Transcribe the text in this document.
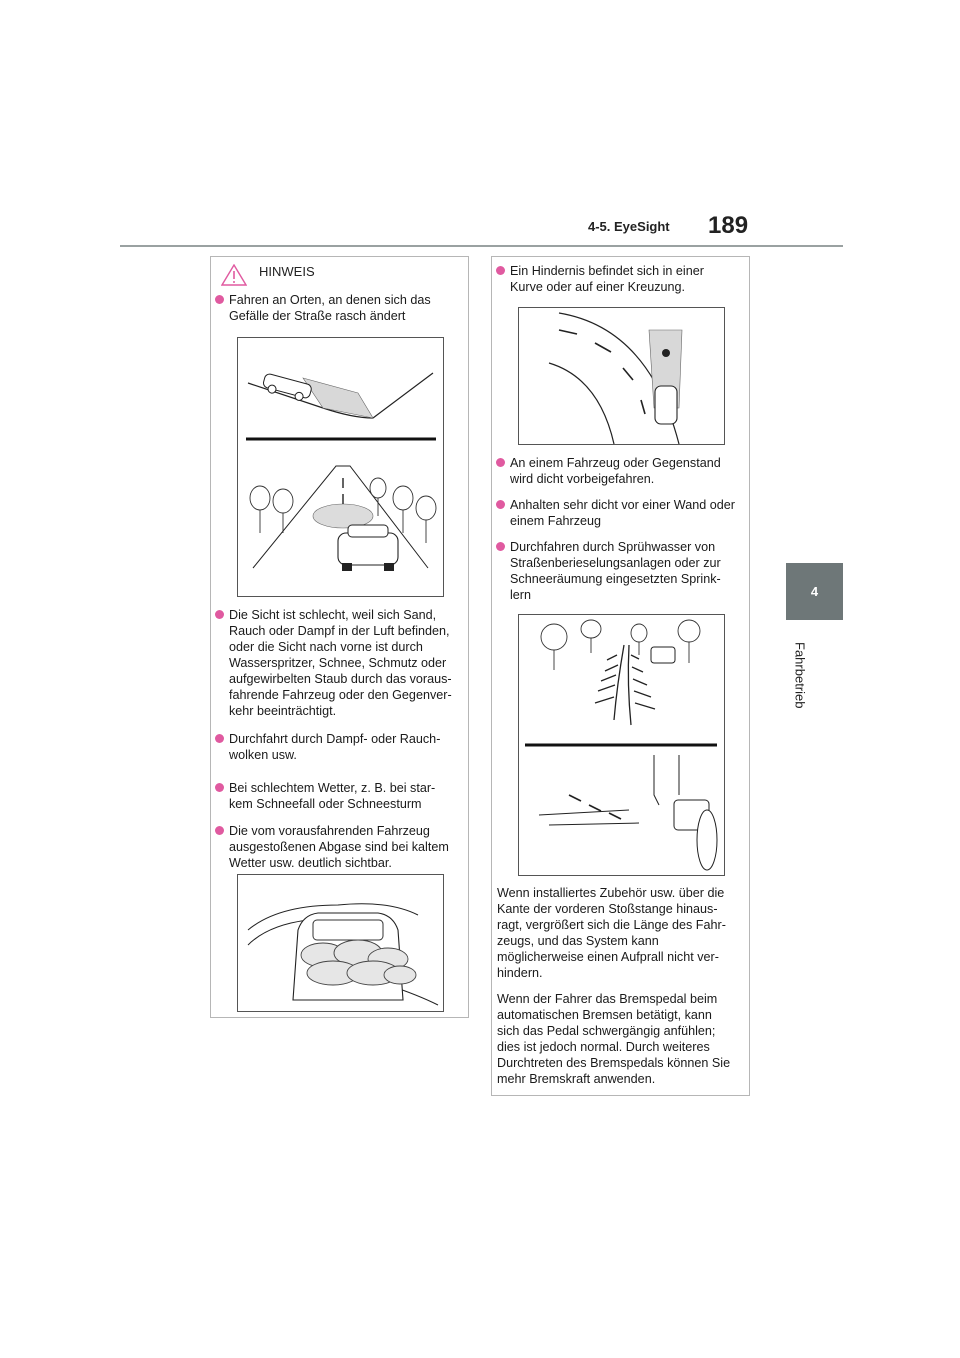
4-5. EyeSight 189
4
Fahrbetrieb
HINWEIS
Fahren an Orten, an denen sich das
Gefälle der Straße rasch ändert
Die Sicht ist schlecht, weil sich Sand,
Rauch oder Dampf in der Luft befinden,
oder die Sicht nach vorne ist durch
Wasserspritzer, Schnee, Schmutz oder
aufgewirbelten Staub durch das voraus-
fahrende Fahrzeug oder den Gegenver-
kehr beeinträchtigt.
Durchfahrt durch Dampf- oder Rauch-
wolken usw.
Bei schlechtem Wetter, z. B. bei star-
kem Schneefall oder Schneesturm
Die vom vorausfahrenden Fahrzeug
ausgestoßenen Abgase sind bei kaltem
Wetter usw. deutlich sichtbar.
Ein Hindernis befindet sich in einer
Kurve oder auf einer Kreuzung.
An einem Fahrzeug oder Gegenstand
wird dicht vorbeigefahren.
Anhalten sehr dicht vor einer Wand oder
einem Fahrzeug
Durchfahren durch Sprühwasser von
Straßenberieselungsanlagen oder zur
Schneeräumung eingesetzten Sprink-
lern
Wenn installiertes Zubehör usw. über die
Kante der vorderen Stoßstange hinaus-
ragt, vergrößert sich die Länge des Fahr-
zeugs, und das System kann
möglicherweise einen Aufprall nicht ver-
hindern.
Wenn der Fahrer das Bremspedal beim
automatischen Bremsen betätigt, kann
sich das Pedal schwergängig anfühlen;
dies ist jedoch normal. Durch weiteres
Durchtreten des Bremspedals können Sie
mehr Bremskraft anwenden.
